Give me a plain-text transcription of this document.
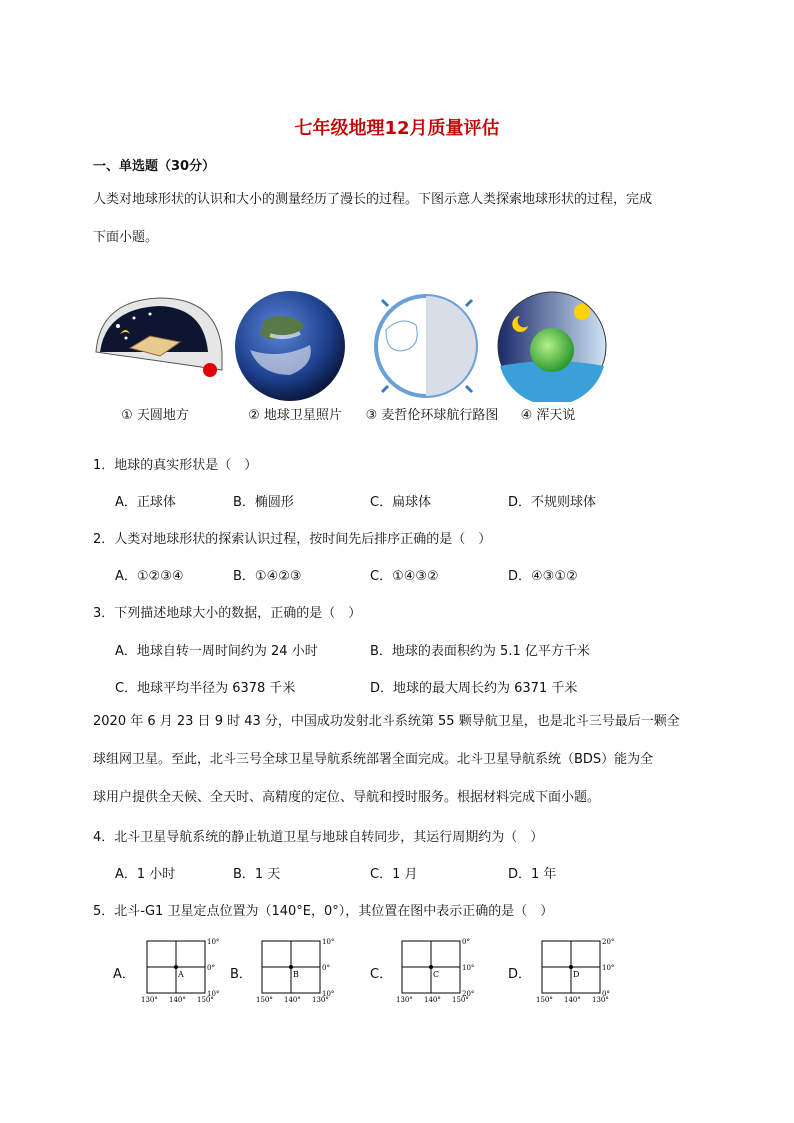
七年级地理12月质量评估
一、单选题（30分）
人类对地球形状的认识和大小的测量经历了漫长的过程。下图示意人类探索地球形状的过程，完成
下面小题。
① 天圆地方	② 地球卫星照片	③ 麦哲伦环球航行路图	④ 浑天说
1．地球的真实形状是（　）
A．正球体	B．椭圆形	C．扁球体	D．不规则球体
2．人类对地球形状的探索认识过程，按时间先后排序正确的是（　）
A．①②③④	B．①④②③	C．①④③②	D．④③①②
3．下列描述地球大小的数据，正确的是（　）
A．地球自转一周时间约为 24 小时	B．地球的表面积约为 5.1 亿平方千米
C．地球平均半径为 6378 千米	D．地球的最大周长约为 6371 千米
2020 年 6 月 23 日 9 时 43 分，中国成功发射北斗系统第 55 颗导航卫星，也是北斗三号最后一颗全
球组网卫星。至此，北斗三号全球卫星导航系统部署全面完成。北斗卫星导航系统（BDS）能为全
球用户提供全天候、全天时、高精度的定位、导航和授时服务。根据材料完成下面小题。
4．北斗卫星导航系统的静止轨道卫星与地球自转同步，其运行周期约为（　）
A．1 小时	B．1 天	C．1 月	D．1 年
5．北斗-G1 卫星定点位置为（140°E，0°），其位置在图中表示正确的是（　）
A．	A
130° 140° 150°
10°
0°
10°
B．	B
150° 140° 130°
10°
0°
10°
C．	C
130° 140° 150°
0°
10°
20°
D．	D
150° 140° 130°
20°
10°
0°
